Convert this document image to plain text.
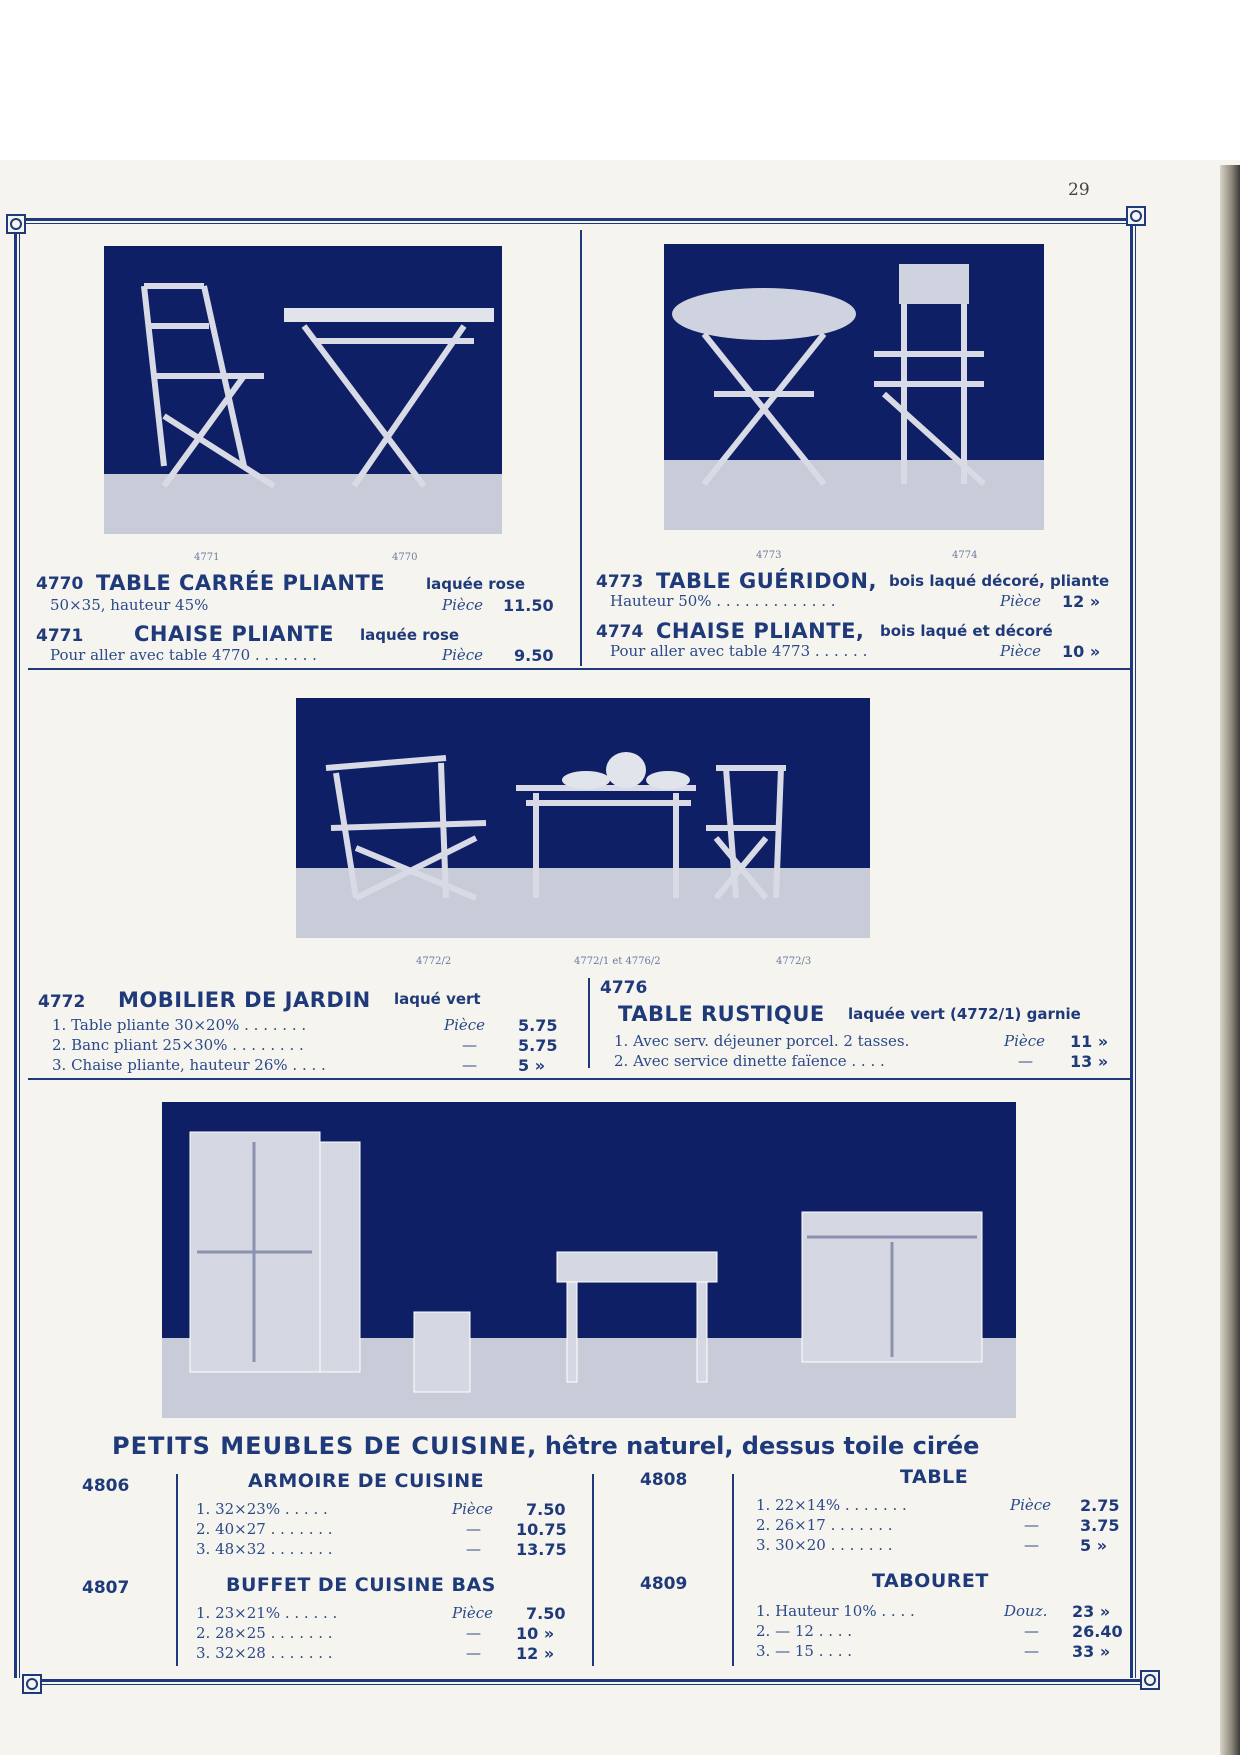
29
4771	4770
4770 TABLE CARRÉE PLIANTE	laquée rose
50×35, hauteur 45%	Pièce 11.50
4771 CHAISE PLIANTE laquée rose
Pour aller avec table 4770 . . . . . . .	Pièce 9.50
4773	4774
4773 TABLE GUÉRIDON, bois laqué décoré, pliante
Hauteur 50% . . . . . . . . . . . . .	Pièce 12 »
4774 CHAISE PLIANTE, bois laqué et décoré
Pour aller avec table 4773 . . . . . .	Pièce 10 »
4772/2	4772/1 et 4776/2	4772/3
4772 MOBILIER DE JARDIN laqué vert
1. Table pliante 30×20% . . . . . . .	Pièce 5.75
2. Banc pliant 25×30% . . . . . . . .	—	5.75
3. Chaise pliante, hauteur 26% . . . .	—	5 »
4776
TABLE RUSTIQUE laquée vert (4772/1) garnie
1. Avec serv. déjeuner porcel. 2 tasses.	Pièce 11 »
2. Avec service dinette faïence . . . .	— 13 »
PETITS MEUBLES DE CUISINE, hêtre naturel, dessus toile cirée
4806	ARMOIRE DE CUISINE
1. 32×23% . . . . .	Pièce 7.50
2. 40×27 . . . . . . .	— 10.75
3. 48×32 . . . . . . .	— 13.75
4807	BUFFET DE CUISINE BAS
1. 23×21% . . . . . .	Pièce 7.50
2. 28×25 . . . . . . .	— 10 »
3. 32×28 . . . . . . .	— 12 »
4808	TABLE
1. 22×14% . . . . . . .	Pièce 2.75
2. 26×17 . . . . . . .	—	3.75
3. 30×20 . . . . . . .	—	5 »
4809	TABOURET
1. Hauteur 10% . . . .	Douz. 23 »
2. — 12 . . . .	— 26.40
3. — 15 . . . .	— 33 »
